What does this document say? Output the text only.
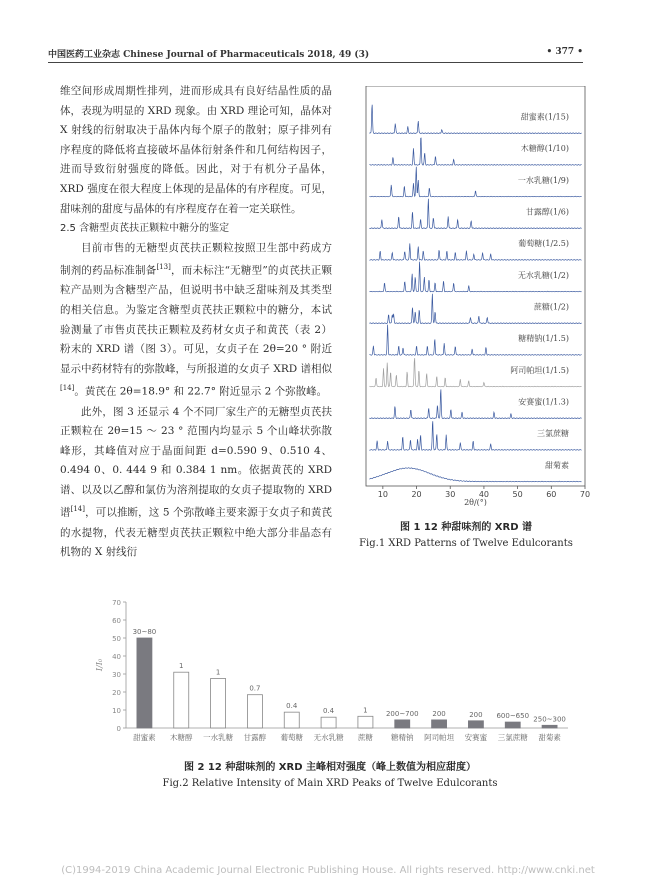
中国医药工业杂志 Chinese Journal of Pharmaceuticals 2018, 49 (3)	• 377 •

维空间形成周期性排列，进而形成具有良好结晶性质的晶体，表现为明显的 XRD 现象。由 XRD 理论可知，晶体对 X 射线的衍射取决于晶体内每个原子的散射；原子排列有序程度的降低将直接破坏晶体衍射条件和几何结构因子，进而导致衍射强度的降低。因此，对于有机分子晶体，XRD 强度在很大程度上体现的是晶体的有序程度。可见，甜味剂的甜度与晶体的有序程度存在着一定关联性。

2.5 含糖型贞芪扶正颗粒中糖分的鉴定

目前市售的无糖型贞芪扶正颗粒按照卫生部中药成方制剂的药品标准制备[13]，而未标注“无糖型”的贞芪扶正颗粒产品则为含糖型产品，但说明书中缺乏甜味剂及其类型的相关信息。为鉴定含糖型贞芪扶正颗粒中的糖分，本试验测量了市售贞芪扶正颗粒及药材女贞子和黄芪（表 2）粉末的 XRD 谱（图 3）。可见，女贞子在 2θ=20 ° 附近显示中药材特有的弥散峰，与所报道的女贞子 XRD 谱相似[14]。黄芪在 2θ=18.9° 和 22.7° 附近显示 2 个弥散峰。

此外，图 3 还显示 4 个不同厂家生产的无糖型贞芪扶正颗粒在 2θ=15 ～ 23 ° 范围内均显示 5 个山峰状弥散峰形，其峰值对应于晶面间距 d=0.590 9、0.510 4、0.494 0、0. 444 9 和 0.384 1 nm。依据黄芪的 XRD 谱、以及以乙醇和氯仿为溶剂提取的女贞子提取物的 XRD 谱[14]，可以推断，这 5 个弥散峰主要来源于女贞子和黄芪的水提物，代表无糖型贞芪扶正颗粒中绝大部分非晶态有机物的 X 射线衍

甜蜜素(1/15)
木糖醇(1/10)
一水乳糖(1/9)
甘露醇(1/6)
葡萄糖(1/2.5)
无水乳糖(1/2)
蔗糖(1/2)
糖精钠(1/1.5)
阿司帕坦(1/1.5)
安赛蜜(1/1.3)
三氯蔗糖
甜菊素
10	20	30	40	50	60	70
2θ/(°)
图 1 12 种甜味剂的 XRD 谱
Fig.1 XRD Patterns of Twelve Edulcorants
0
10
20
30
40
50
60
70
I/I₀
30~80
甜蜜素
1
木糖醇
1
一水乳糖
0.7
甘露醇
0.4
葡萄糖
0.4
无水乳糖
1
蔗糖
200~700
糖精钠
200
阿司帕坦
200
安赛蜜
600~650
三氯蔗糖
250~300
甜菊素
图 2 12 种甜味剂的 XRD 主峰相对强度（峰上数值为相应甜度）
Fig.2 Relative Intensity of Main XRD Peaks of Twelve Edulcorants
(C)1994-2019 China Academic Journal Electronic Publishing House. All rights reserved. http://www.cnki.net
